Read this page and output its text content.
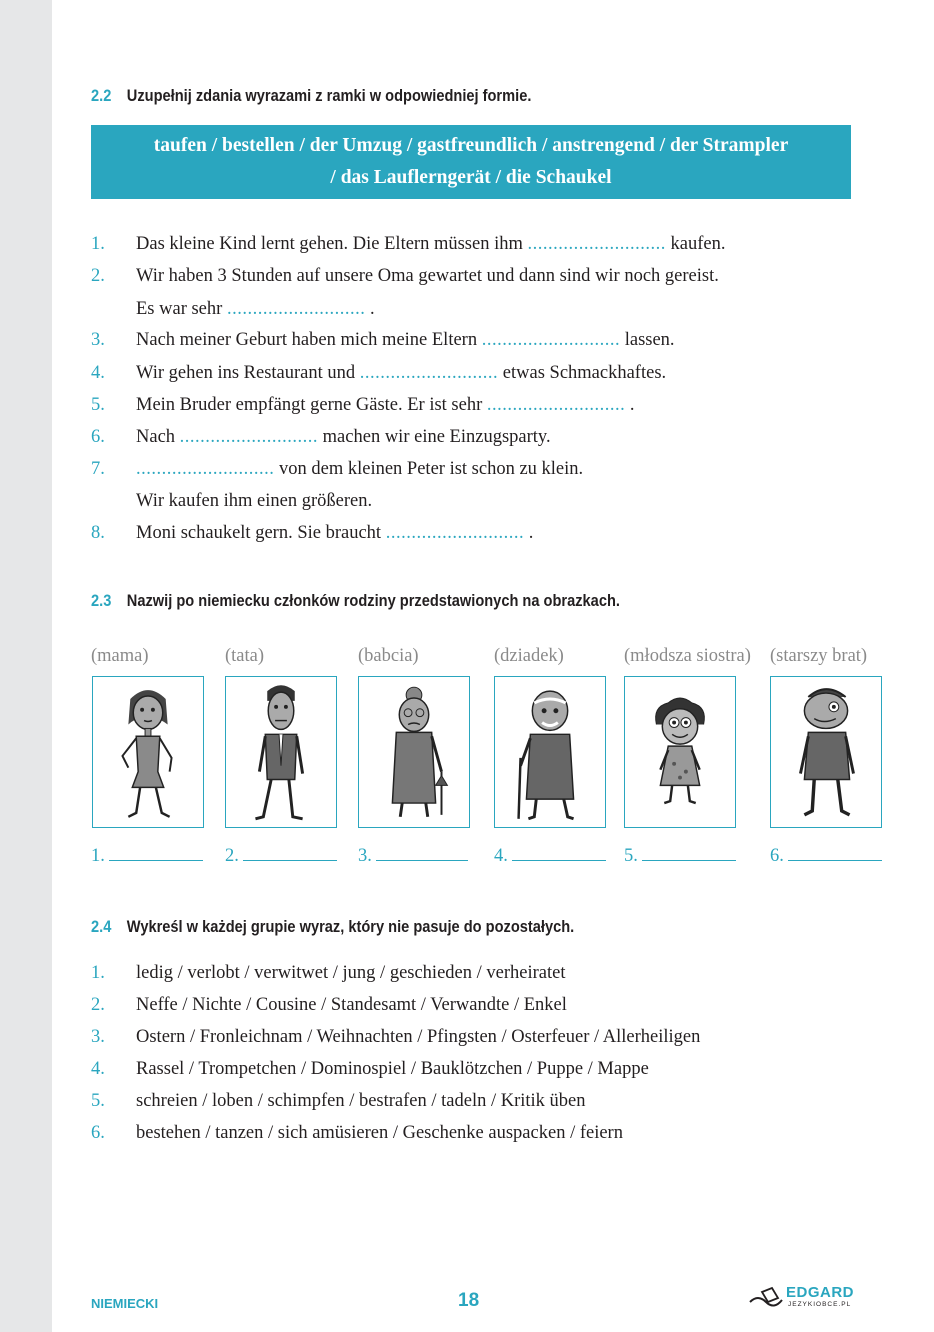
2.2 Uzupełnij zdania wyrazami z ramki w odpowiedniej formie.
taufen / bestellen / der Umzug / gastfreundlich / anstrengend / der Strampler
/ das Lauflerngerät / die Schaukel
1. Das kleine Kind lernt gehen. Die Eltern müssen ihm ........................... kaufen.
2. Wir haben 3 Stunden auf unsere Oma gewartet und dann sind wir noch gereist.
Es war sehr ........................... .
3. Nach meiner Geburt haben mich meine Eltern ........................... lassen.
4. Wir gehen ins Restaurant und ........................... etwas Schmackhaftes.
5. Mein Bruder empfängt gerne Gäste. Er ist sehr ........................... .
6. Nach ........................... machen wir eine Einzugsparty.
7. ........................... von dem kleinen Peter ist schon zu klein.
Wir kaufen ihm einen größeren.
8. Moni schaukelt gern. Sie braucht ........................... .
2.3 Nazwij po niemiecku członków rodziny przedstawionych na obrazkach.
(mama)	(tata)	(babcia)	(dziadek)	(młodsza siostra) (starszy brat)
1.	2.	3.	4.	5.	6.
2.4 Wykreśl w każdej grupie wyraz, który nie pasuje do pozostałych.
1. ledig / verlobt / verwitwet / jung / geschieden / verheiratet
2. Neffe / Nichte / Cousine / Standesamt / Verwandte / Enkel
3. Ostern / Fronleichnam / Weihnachten / Pfingsten / Osterfeuer / Allerheiligen
4. Rassel / Trompetchen / Dominospiel / Bauklötzchen / Puppe / Mappe
5. schreien / loben / schimpfen / bestrafen / tadeln / Kritik üben
6. bestehen / tanzen / sich amüsieren / Geschenke auspacken / feiern
NIEMIECKI	18	EDGARD
JEZYKIOBCE.PL
